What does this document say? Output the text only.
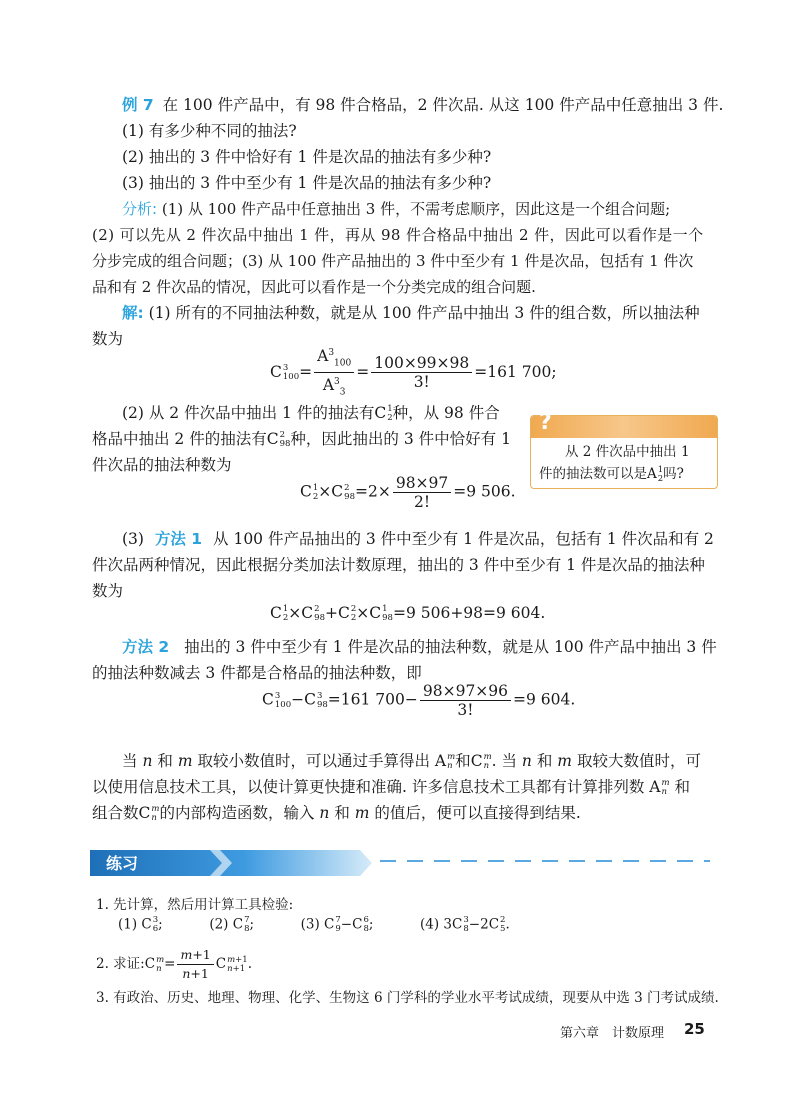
例 7 在 100 件产品中，有 98 件合格品，2 件次品. 从这 100 件产品中任意抽出 3 件.
(1) 有多少种不同的抽法?
(2) 抽出的 3 件中恰好有 1 件是次品的抽法有多少种?
(3) 抽出的 3 件中至少有 1 件是次品的抽法有多少种?
分析: (1) 从 100 件产品中任意抽出 3 件，不需考虑顺序，因此这是一个组合问题;
(2) 可以先从 2 件次品中抽出 1 件，再从 98 件合格品中抽出 2 件，因此可以看作是一个
分步完成的组合问题；(3) 从 100 件产品抽出的 3 件中至少有 1 件是次品，包括有 1 件次
品和有 2 件次品的情况，因此可以看作是一个分类完成的组合问题.
解: (1) 所有的不同抽法种数，就是从 100 件产品中抽出 3 件的组合数，所以抽法种
数为
C 3
$100 = \frac{A^3_{100}}{A^3_3} = \frac{100\times 99\times 98}{3!} =161$ 700;
(2) 从 2 件次品中抽出 1 件的抽法有C 1
2 种，从 98 件合
格品中抽出 2 件的抽法有C 2
98 种，因此抽出的 3 件中恰好有 1
件次品的抽法种数为
C 1
2 ×C 2
$98 =2\times \frac{98\times 97}{2!} =9$ 506.
?
从 2 件次品中抽出 1
件的抽法数可以是A 1
2 吗?
(3) 方法 1 从 100 件产品抽出的 3 件中至少有 1 件是次品，包括有 1 件次品和有 2
件次品两种情况，因此根据分类加法计数原理，抽出的 3 件中至少有 1 件是次品的抽法种
数为
C 1
2 ×C 2
98 +C 2
2 ×C 1
98 =9 506+98=9 604.
方法 2 抽出的 3 件中至少有 1 件是次品的抽法种数，就是从 100 件产品中抽出 3 件
的抽法种数减去 3 件都是合格品的抽法种数，即
C 3
100 −C 3
98 =161 $700- \frac{98\times 97\times 96}{3!} =9$ 604.
当 n 和 m 取较小数值时，可以通过手算得出 A m
n 和C m
n . 当 n 和 m 取较大数值时，可
以使用信息技术工具，以使计算更快捷和准确. 许多信息技术工具都有计算排列数 A m
n 和
组合数C m
n 的内部构造函数，输入 n 和 m 的值后，便可以直接得到结果.
练习
1. 先计算，然后用计算工具检验:
(1) C 3
6 ;	(2) C 7
8 ;	(3) C 7
9 −C 6
8 ;	(4) 3C 3
8 −2C 2
5 .
2. 求证:C m
$n = \frac{m+1}{n+1}$ C m+1
n+1 .
3. 有政治、历史、地理、物理、化学、生物这 6 门学科的学业水平考试成绩，现要从中选 3 门考试成绩.
第六章　计数原理 25
